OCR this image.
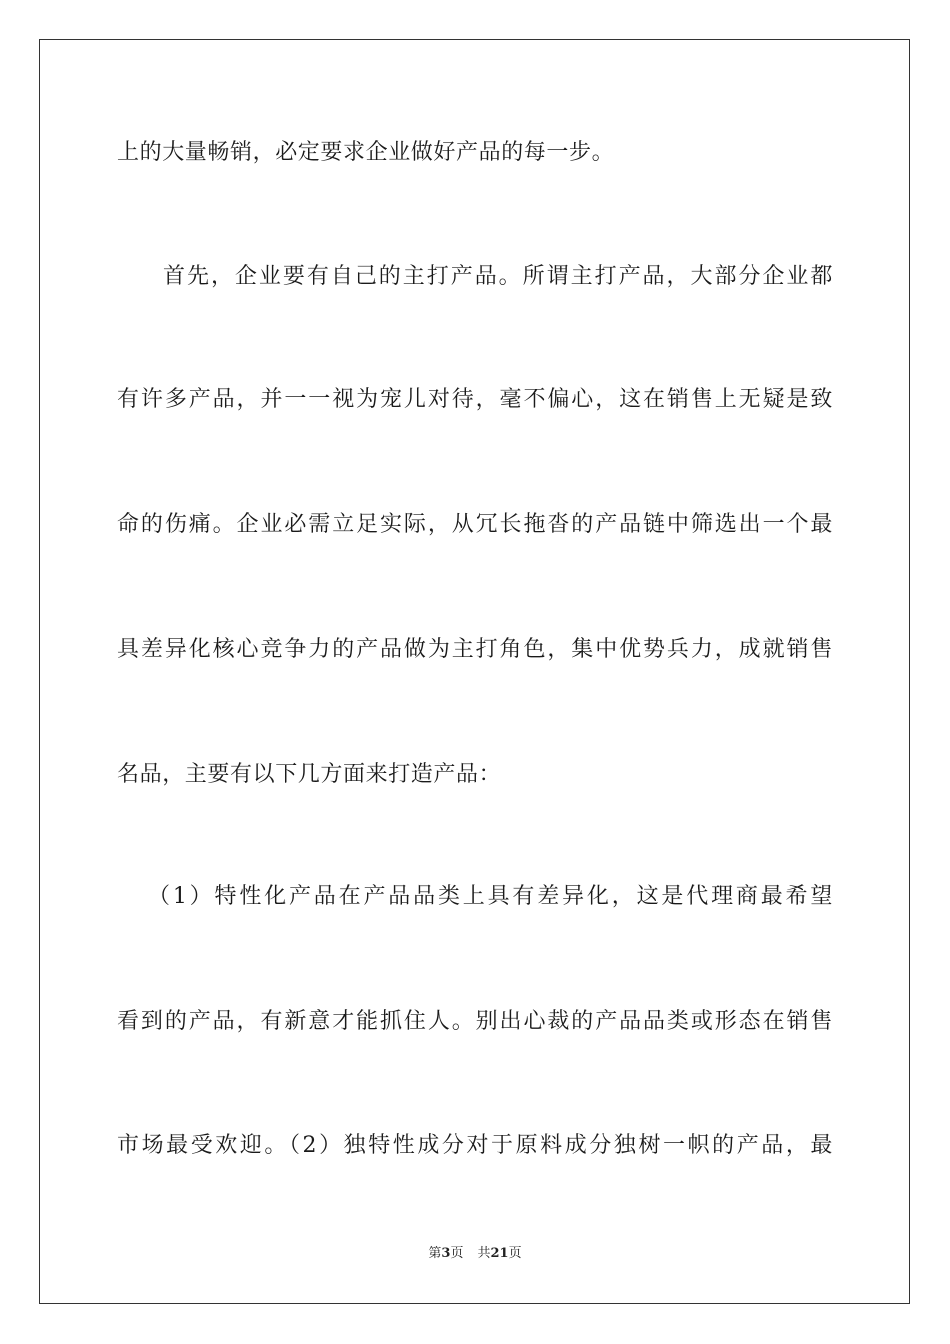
上的大量畅销，必定要求企业做好产品的每一步。
首先，企业要有自己的主打产品。所谓主打产品，大部分企业都
有许多产品，并一一视为宠儿对待，毫不偏心，这在销售上无疑是致
命的伤痛。企业必需立足实际，从冗长拖沓的产品链中筛选出一个最
具差异化核心竞争力的产品做为主打角色，集中优势兵力，成就销售
名品，主要有以下几方面来打造产品：
（1）特性化产品在产品品类上具有差异化，这是代理商最希望
看到的产品，有新意才能抓住人。别出心裁的产品品类或形态在销售
市场最受欢迎。（2）独特性成分对于原料成分独树一帜的产品，最
第3页 共21页
